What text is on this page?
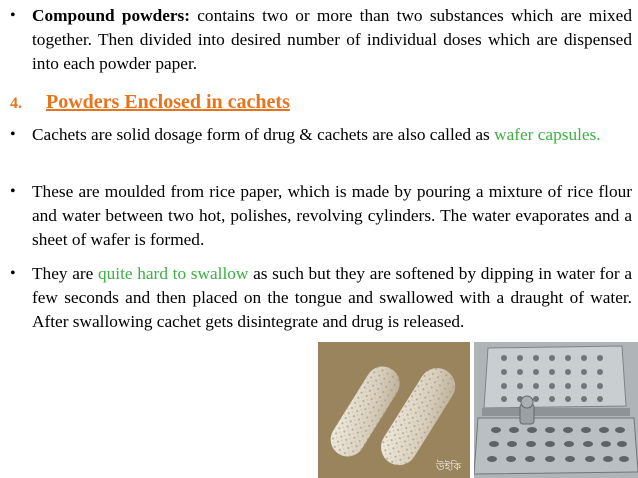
• Compound powders: contains two or more than two substances which are mixed together. Then divided into desired number of individual doses which are dispensed into each powder paper.
4. Powders Enclosed in cachets
• Cachets are solid dosage form of drug & cachets are also called as wafer capsules.
• These are moulded from rice paper, which is made by pouring a mixture of rice flour and water between two hot, polishes, revolving cylinders. The water evaporates and a sheet of wafer is formed.
• They are quite hard to swallow as such but they are softened by dipping in water for a few seconds and then placed on the tongue and swallowed with a draught of water. After swallowing cachet gets disintegrate and drug is released.
উইকি
